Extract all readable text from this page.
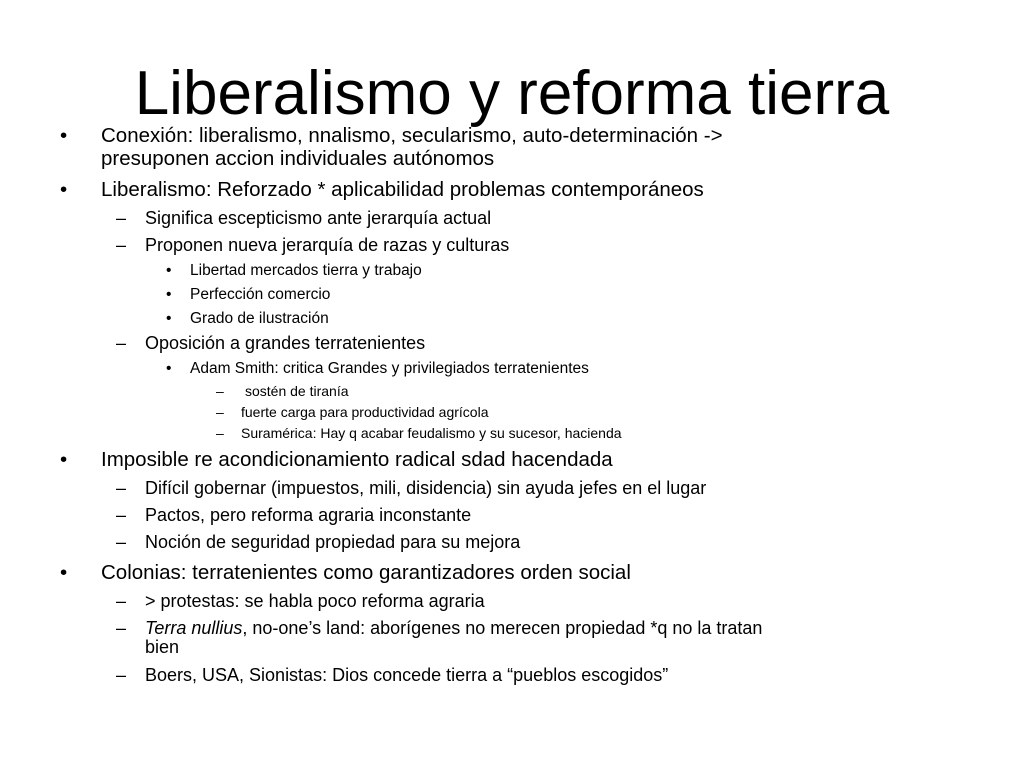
Liberalismo y reforma tierra
• Conexión: liberalismo, nnalismo, secularismo, auto-determinación ->
presuponen accion individuales autónomos
• Liberalismo: Reforzado * aplicabilidad problemas contemporáneos
– Significa escepticismo ante jerarquía actual
– Proponen nueva jerarquía de razas y culturas
• Libertad mercados tierra y trabajo
• Perfección comercio
• Grado de ilustración
– Oposición a grandes terratenientes
• Adam Smith: critica Grandes y privilegiados terratenientes
– sostén de tiranía
– fuerte carga para productividad agrícola
– Suramérica: Hay q acabar feudalismo y su sucesor, hacienda
• Imposible re acondicionamiento radical sdad hacendada
– Difícil gobernar (impuestos, mili, disidencia) sin ayuda jefes en el lugar
– Pactos, pero reforma agraria inconstante
– Noción de seguridad propiedad para su mejora
• Colonias: terratenientes como garantizadores orden social
– > protestas: se habla poco reforma agraria
– Terra nullius, no-one’s land: aborígenes no merecen propiedad *q no la tratan
bien
– Boers, USA, Sionistas: Dios concede tierra a “pueblos escogidos”
